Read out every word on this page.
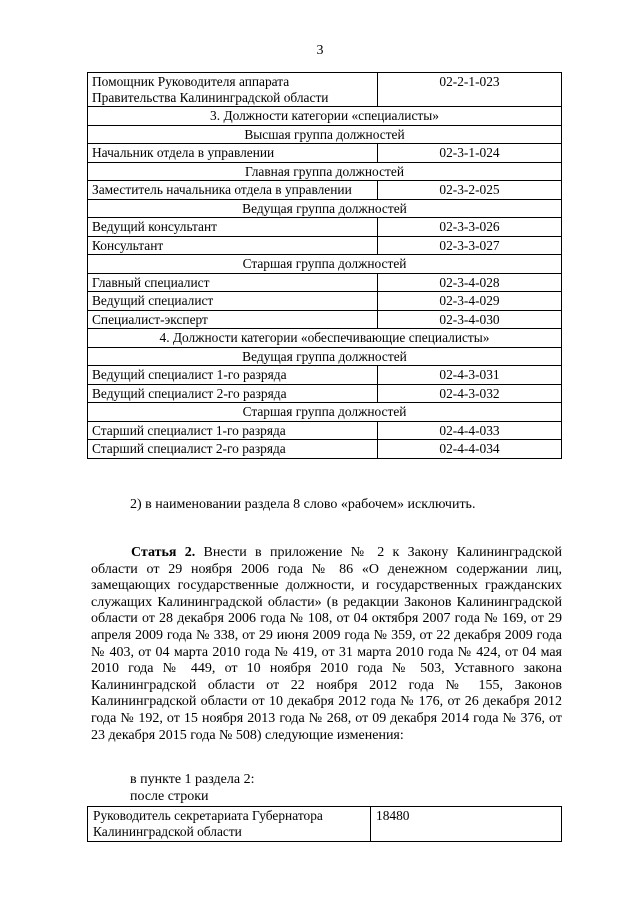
3
Помощник Руководителя аппарата Правительства Калининградской области	02-2-1-023
3. Должности категории «специалисты»	
Высшая группа должностей	
Начальник отдела в управлении	02-3-1-024
Главная группа должностей	
Заместитель начальника отдела в управлении	02-3-2-025
Ведущая группа должностей	
Ведущий консультант	02-3-3-026
Консультант	02-3-3-027
Старшая группа должностей	
Главный специалист	02-3-4-028
Ведущий специалист	02-3-4-029
Специалист-эксперт	02-3-4-030
4. Должности категории «обеспечивающие специалисты»	
Ведущая группа должностей	
Ведущий специалист 1-го разряда	02-4-3-031
Ведущий специалист 2-го разряда	02-4-3-032
Старшая группа должностей	
Старший специалист 1-го разряда	02-4-4-033
Старший специалист 2-го разряда	02-4-4-034
2) в наименовании раздела 8 слово «рабочем» исключить.

Статья 2. Внести в приложение № 2 к Закону Калининградской области от 29 ноября 2006 года № 86 «О денежном содержании лиц, замещающих государственные должности, и государственных гражданских служащих Калининградской области» (в редакции Законов Калининградской области от 28 декабря 2006 года № 108, от 04 октября 2007 года № 169, от 29 апреля 2009 года № 338, от 29 июня 2009 года № 359, от 22 декабря 2009 года № 403, от 04 марта 2010 года № 419, от 31 марта 2010 года № 424, от 04 мая 2010 года № 449, от 10 ноября 2010 года № 503, Уставного закона Калининградской области от 22 ноября 2012 года № 155, Законов Калининградской области от 10 декабря 2012 года № 176, от 26 декабря 2012 года № 192, от 15 ноября 2013 года № 268, от 09 декабря 2014 года № 376, от 23 декабря 2015 года № 508) следующие изменения:

в пункте 1 раздела 2:
после строки
Руководитель секретариата Губернатора Калининградской области	18480
